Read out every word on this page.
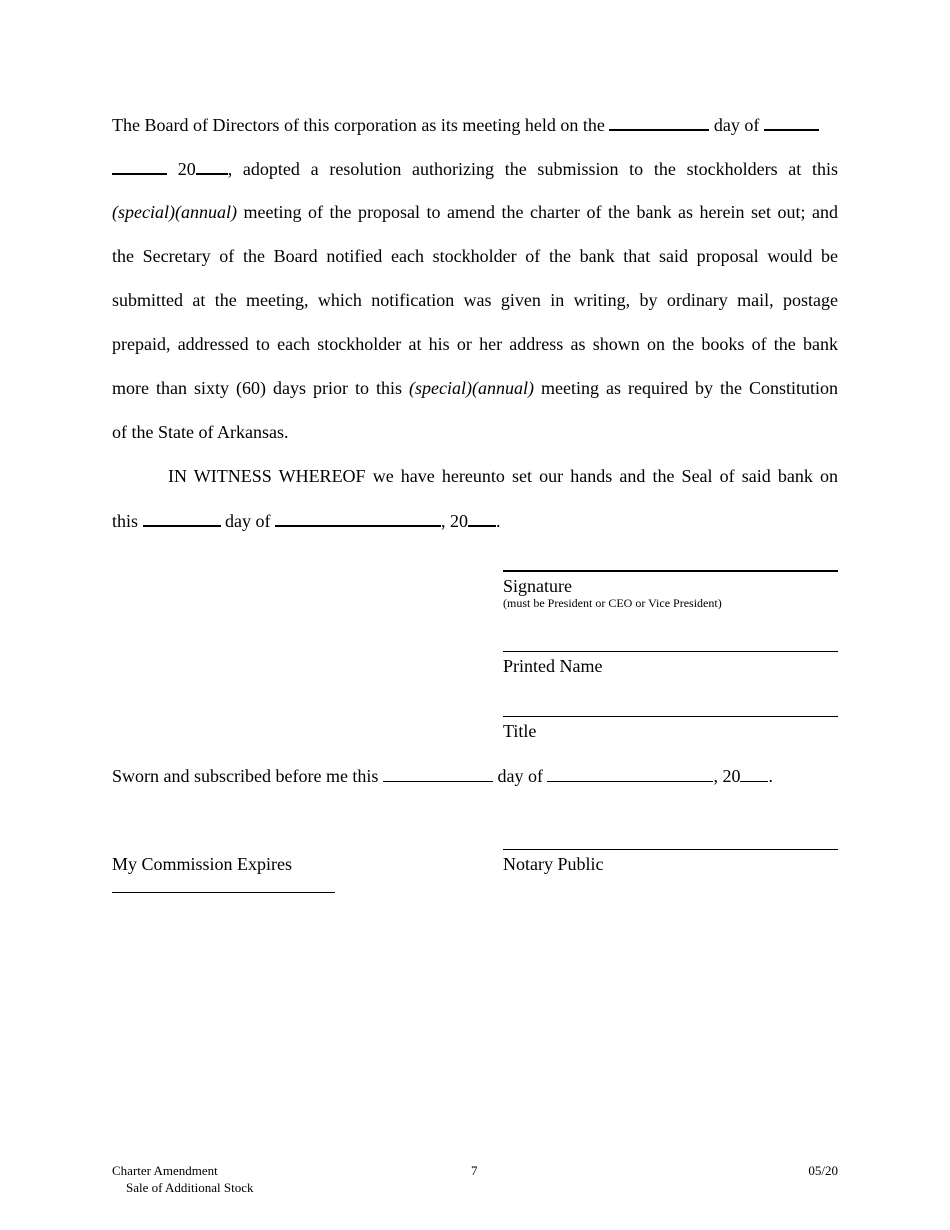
The Board of Directors of this corporation as its meeting held on the	day of
20 , adopted a resolution authorizing the submission to the stockholders at this
(special)(annual) meeting of the proposal to amend the charter of the bank as herein set out; and
the Secretary of the Board notified each stockholder of the bank that said proposal would be
submitted at the meeting, which notification was given in writing, by ordinary mail, postage
prepaid, addressed to each stockholder at his or her address as shown on the books of the bank
more than sixty (60) days prior to this (special)(annual) meeting as required by the Constitution
of the State of Arkansas.
IN WITNESS WHEREOF we have hereunto set our hands and the Seal of said bank on
this	day of	, 20 .
Signature
(must be President or CEO or Vice President)
Printed Name
Title
Sworn and subscribed before me this	day of	, 20 .
My Commission Expires	Notary Public
Charter Amendment
Sale of Additional Stock
7	05/20
